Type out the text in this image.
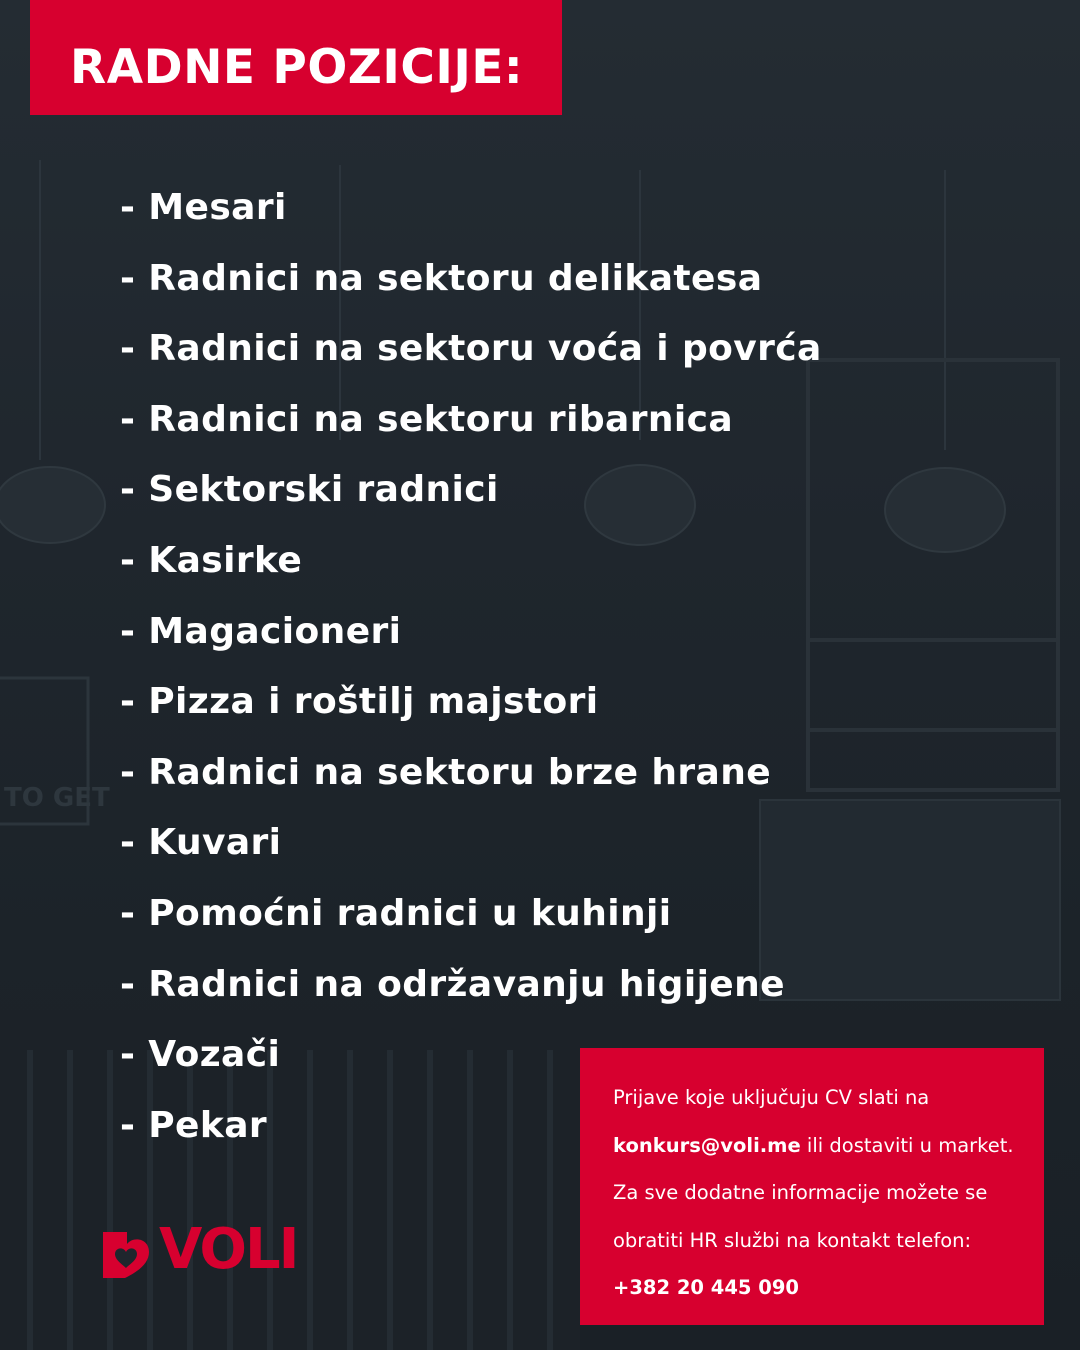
TO GET
RADNE POZICIJE:
- Mesari
- Radnici na sektoru delikatesa
- Radnici na sektoru voća i povrća
- Radnici na sektoru ribarnica
- Sektorski radnici
- Kasirke
- Magacioneri
- Pizza i roštilj majstori
- Radnici na sektoru brze hrane
- Kuvari
- Pomoćni radnici u kuhinji
- Radnici na održavanju higijene
- Vozači
- Pekar
VOLI
Prijave koje uključuju CV slati na
konkurs@voli.me ili dostaviti u market.
Za sve dodatne informacije možete se
obratiti HR službi na kontakt telefon:
+382 20 445 090
